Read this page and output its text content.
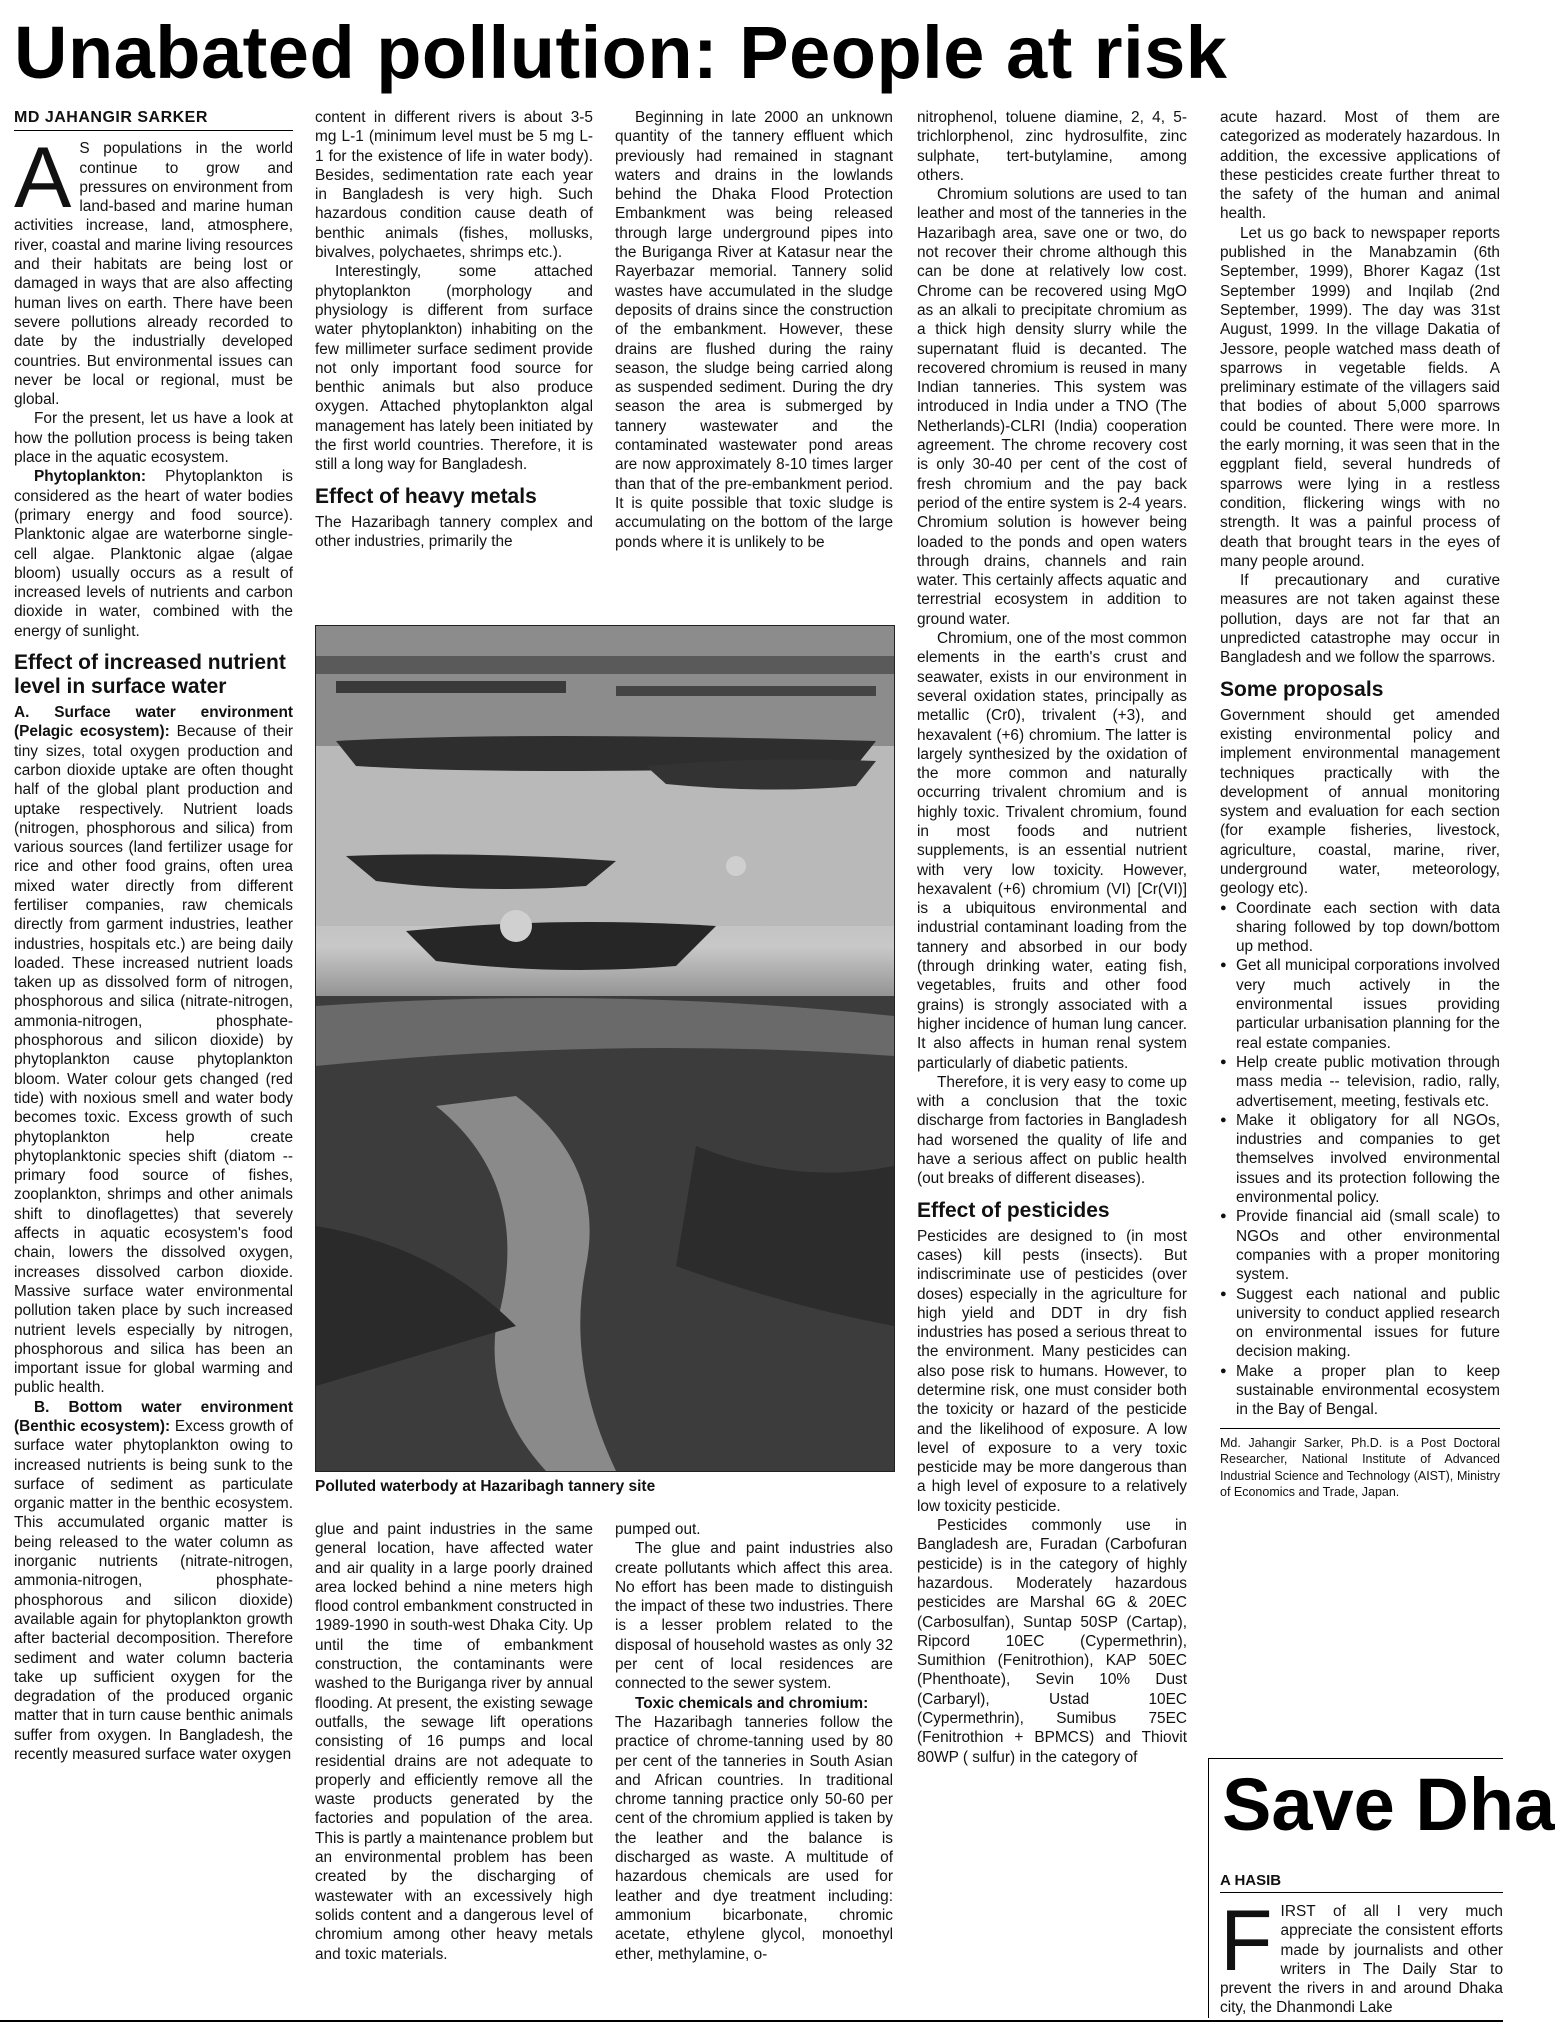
Unabated pollution: People at risk
MD JAHANGIR SARKER

A S populations in the world continue to grow and pressures on environment from land-based and marine human activities increase, land, atmosphere, river, coastal and marine living resources and their habitats are being lost or damaged in ways that are also affecting human lives on earth. There have been severe pollutions already recorded to date by the industrially developed countries. But environmental issues can never be local or regional, must be global.

For the present, let us have a look at how the pollution process is being taken place in the aquatic ecosystem.

Phytoplankton: Phytoplankton is considered as the heart of water bodies (primary energy and food source). Planktonic algae are waterborne single-cell algae. Planktonic algae (algae bloom) usually occurs as a result of increased levels of nutrients and carbon dioxide in water, combined with the energy of sunlight.

Effect of increased nutrient level in surface water

A. Surface water environment (Pelagic ecosystem): Because of their tiny sizes, total oxygen production and carbon dioxide uptake are often thought half of the global plant production and uptake respectively. Nutrient loads (nitrogen, phosphorous and silica) from various sources (land fertilizer usage for rice and other food grains, often urea mixed water directly from different fertiliser companies, raw chemicals directly from garment industries, leather industries, hospitals etc.) are being daily loaded. These increased nutrient loads taken up as dissolved form of nitrogen, phosphorous and silica (nitrate-nitrogen, ammonia-nitrogen, phosphate-phosphorous and silicon dioxide) by phytoplankton cause phytoplankton bloom. Water colour gets changed (red tide) with noxious smell and water body becomes toxic. Excess growth of such phytoplankton help create phytoplanktonic species shift (diatom -- primary food source of fishes, zooplankton, shrimps and other animals shift to dinoflagettes) that severely affects in aquatic ecosystem's food chain, lowers the dissolved oxygen, increases dissolved carbon dioxide. Massive surface water environmental pollution taken place by such increased nutrient levels especially by nitrogen, phosphorous and silica has been an important issue for global warming and public health.

B. Bottom water environment (Benthic ecosystem): Excess growth of surface water phytoplankton owing to increased nutrients is being sunk to the surface of sediment as particulate organic matter in the benthic ecosystem. This accumulated organic matter is being released to the water column as inorganic nutrients (nitrate-nitrogen, ammonia-nitrogen, phosphate-phosphorous and silicon dioxide) available again for phytoplankton growth after bacterial decomposition. Therefore sediment and water column bacteria take up sufficient oxygen for the degradation of the produced organic matter that in turn cause benthic animals suffer from oxygen. In Bangladesh, the recently measured surface water oxygen

content in different rivers is about 3-5 mg L-1 (minimum level must be 5 mg L-1 for the existence of life in water body). Besides, sedimentation rate each year in Bangladesh is very high. Such hazardous condition cause death of benthic animals (fishes, mollusks, bivalves, polychaetes, shrimps etc.).

Interestingly, some attached phytoplankton (morphology and physiology is different from surface water phytoplankton) inhabiting on the few millimeter surface sediment provide not only important food source for benthic animals but also produce oxygen. Attached phytoplankton algal management has lately been initiated by the first world countries. Therefore, it is still a long way for Bangladesh.

Effect of heavy metals

The Hazaribagh tannery complex and other industries, primarily the

Beginning in late 2000 an unknown quantity of the tannery effluent which previously had remained in stagnant waters and drains in the lowlands behind the Dhaka Flood Protection Embankment was being released through large underground pipes into the Buriganga River at Katasur near the Rayerbazar memorial. Tannery solid wastes have accumulated in the sludge deposits of drains since the construction of the embankment. However, these drains are flushed during the rainy season, the sludge being carried along as suspended sediment. During the dry season the area is submerged by tannery wastewater and the contaminated wastewater pond areas are now approximately 8-10 times larger than that of the pre-embankment period. It is quite possible that toxic sludge is accumulating on the bottom of the large ponds where it is unlikely to be

Polluted waterbody at Hazaribagh tannery site

glue and paint industries in the same general location, have affected water and air quality in a large poorly drained area locked behind a nine meters high flood control embankment constructed in 1989-1990 in south-west Dhaka City. Up until the time of embankment construction, the contaminants were washed to the Buriganga river by annual flooding. At present, the existing sewage outfalls, the sewage lift operations consisting of 16 pumps and local residential drains are not adequate to properly and efficiently remove all the waste products generated by the factories and population of the area. This is partly a maintenance problem but an environmental problem has been created by the discharging of wastewater with an excessively high solids content and a dangerous level of chromium among other heavy metals and toxic materials.

pumped out.

The glue and paint industries also create pollutants which affect this area. No effort has been made to distinguish the impact of these two industries. There is a lesser problem related to the disposal of household wastes as only 32 per cent of local residences are connected to the sewer system.

Toxic chemicals and chromium:

The Hazaribagh tanneries follow the practice of chrome-tanning used by 80 per cent of the tanneries in South Asian and African countries. In traditional chrome tanning practice only 50-60 per cent of the chromium applied is taken by the leather and the balance is discharged as waste. A multitude of hazardous chemicals are used for leather and dye treatment including: ammonium bicarbonate, chromic acetate, ethylene glycol, monoethyl ether, methylamine, o-

nitrophenol, toluene diamine, 2, 4, 5-trichlorphenol, zinc hydrosulfite, zinc sulphate, tert-butylamine, among others.

Chromium solutions are used to tan leather and most of the tanneries in the Hazaribagh area, save one or two, do not recover their chrome although this can be done at relatively low cost. Chrome can be recovered using MgO as an alkali to precipitate chromium as a thick high density slurry while the supernatant fluid is decanted. The recovered chromium is reused in many Indian tanneries. This system was introduced in India under a TNO (The Netherlands)-CLRI (India) cooperation agreement. The chrome recovery cost is only 30-40 per cent of the cost of fresh chromium and the pay back period of the entire system is 2-4 years. Chromium solution is however being loaded to the ponds and open waters through drains, channels and rain water. This certainly affects aquatic and terrestrial ecosystem in addition to ground water.

Chromium, one of the most common elements in the earth's crust and seawater, exists in our environment in several oxidation states, principally as metallic (Cr0), trivalent (+3), and hexavalent (+6) chromium. The latter is largely synthesized by the oxidation of the more common and naturally occurring trivalent chromium and is highly toxic. Trivalent chromium, found in most foods and nutrient supplements, is an essential nutrient with very low toxicity. However, hexavalent (+6) chromium (VI) [Cr(VI)] is a ubiquitous environmental and industrial contaminant loading from the tannery and absorbed in our body (through drinking water, eating fish, vegetables, fruits and other food grains) is strongly associated with a higher incidence of human lung cancer. It also affects in human renal system particularly of diabetic patients.

Therefore, it is very easy to come up with a conclusion that the toxic discharge from factories in Bangladesh had worsened the quality of life and have a serious affect on public health (out breaks of different diseases).

Effect of pesticides

Pesticides are designed to (in most cases) kill pests (insects). But indiscriminate use of pesticides (over doses) especially in the agriculture for high yield and DDT in dry fish industries has posed a serious threat to the environment. Many pesticides can also pose risk to humans. However, to determine risk, one must consider both the toxicity or hazard of the pesticide and the likelihood of exposure. A low level of exposure to a very toxic pesticide may be more dangerous than a high level of exposure to a relatively low toxicity pesticide.

Pesticides commonly use in Bangladesh are, Furadan (Carbofuran pesticide) is in the category of highly hazardous. Moderately hazardous pesticides are Marshal 6G & 20EC (Carbosulfan), Suntap 50SP (Cartap), Ripcord 10EC (Cypermethrin), Sumithion (Fenitrothion), KAP 50EC (Phenthoate), Sevin 10% Dust (Carbaryl), Ustad 10EC (Cypermethrin), Sumibus 75EC (Fenitrothion + BPMCS) and Thiovit 80WP ( sulfur) in the category of

acute hazard. Most of them are categorized as moderately hazardous. In addition, the excessive applications of these pesticides create further threat to the safety of the human and animal health.

Let us go back to newspaper reports published in the Manabzamin (6th September, 1999), Bhorer Kagaz (1st September 1999) and Inqilab (2nd September, 1999). The day was 31st August, 1999. In the village Dakatia of Jessore, people watched mass death of sparrows in vegetable fields. A preliminary estimate of the villagers said that bodies of about 5,000 sparrows could be counted. There were more. In the early morning, it was seen that in the eggplant field, several hundreds of sparrows were lying in a restless condition, flickering wings with no strength. It was a painful process of death that brought tears in the eyes of many people around.

If precautionary and curative measures are not taken against these pollution, days are not far that an unpredicted catastrophe may occur in Bangladesh and we follow the sparrows.

Some proposals

Government should get amended existing environmental policy and implement environmental management techniques practically with the development of annual monitoring system and evaluation for each section (for example fisheries, livestock, agriculture, coastal, marine, river, underground water, meteorology, geology etc).

● Coordinate each section with data sharing followed by top down/bottom up method.
● Get all municipal corporations involved very much actively in the environmental issues providing particular urbanisation planning for the real estate companies.
● Help create public motivation through mass media -- television, radio, rally, advertisement, meeting, festivals etc.
● Make it obligatory for all NGOs, industries and companies to get themselves involved environmental issues and its protection following the environmental policy.
● Provide financial aid (small scale) to NGOs and other environmental companies with a proper monitoring system.
● Suggest each national and public university to conduct applied research on environmental issues for future decision making.
● Make a proper plan to keep sustainable environmental ecosystem in the Bay of Bengal.
Md. Jahangir Sarker, Ph.D. is a Post Doctoral Researcher, National Institute of Advanced Industrial Science and Technology (AIST), Ministry of Economics and Trade, Japan.
Save Dha
A HASIB
FIRST of all I very much appreciate the consistent efforts made by journalists and other writers in The Daily Star to prevent the rivers in and around Dhaka city, the Dhanmondi Lake
